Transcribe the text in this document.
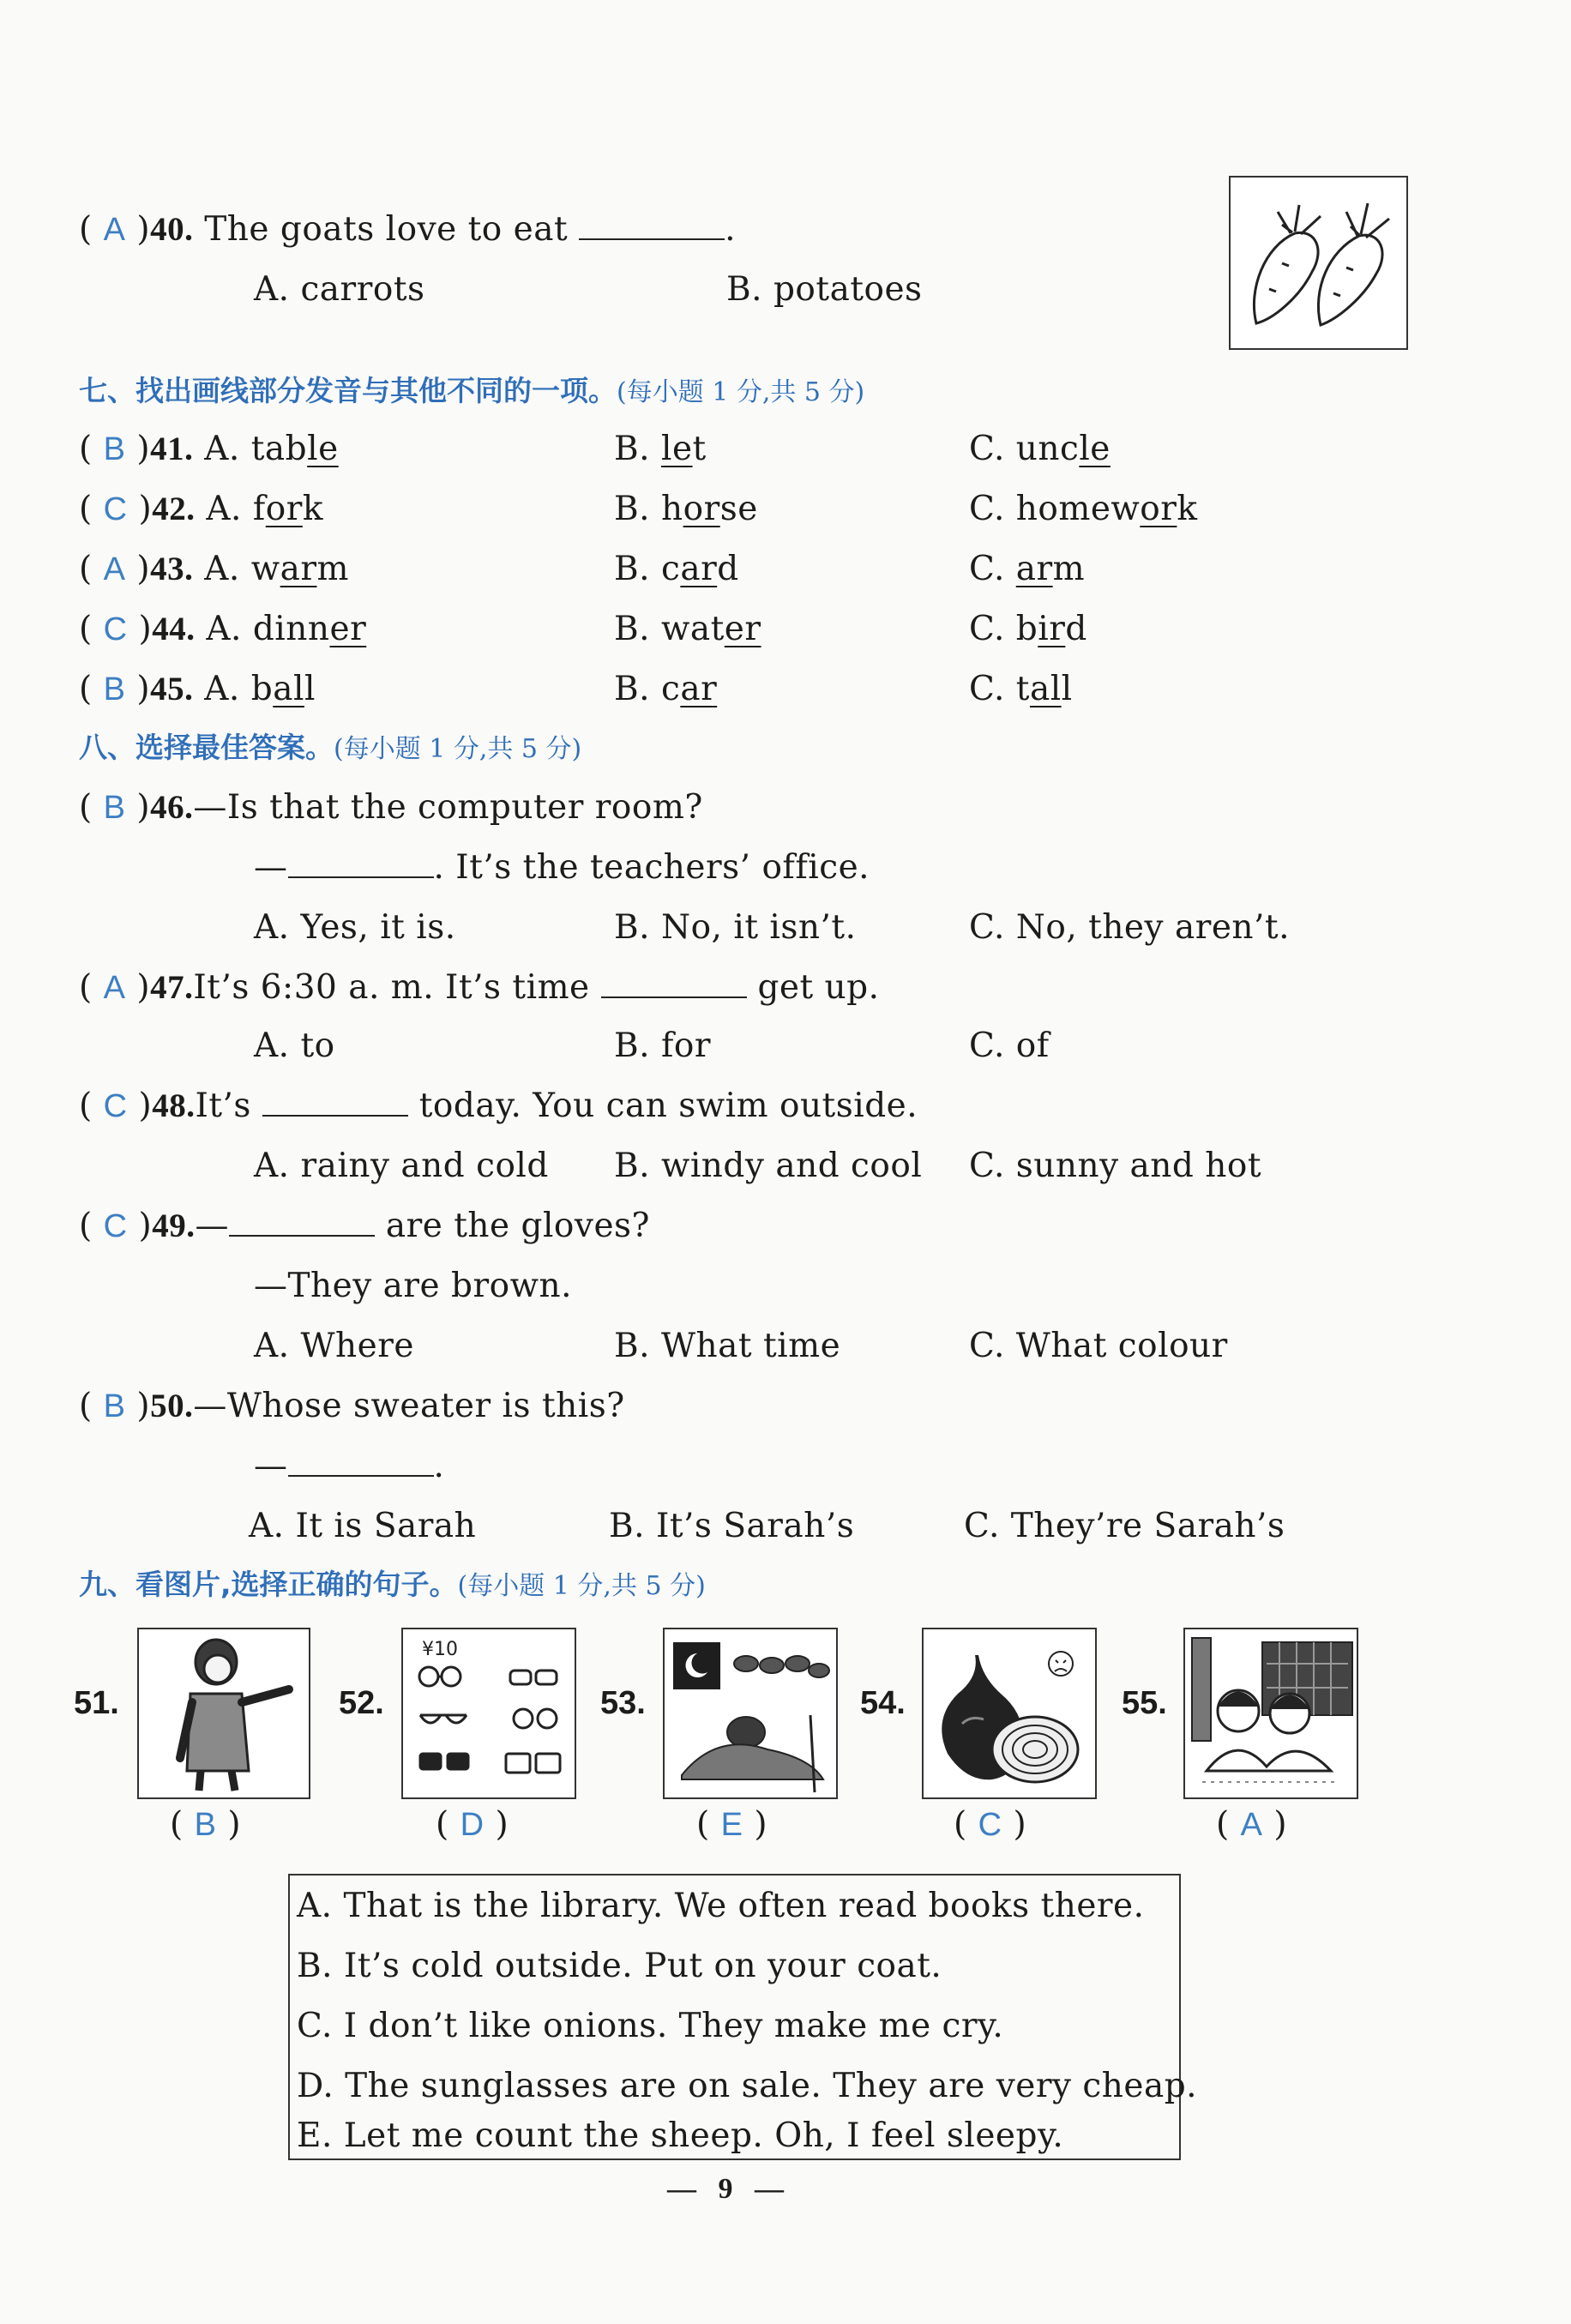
( A )40. The goats love to eat	.
A. carrots	B. potatoes
七、找出画线部分发音与其他不同的一项。(每小题 1 分,共 5 分)
( B )41. A. table	B. let	C. uncle
( C )42. A. fork	B. horse	C. homework
( A )43. A. warm	B. card	C. arm
( C )44. A. dinner	B. water	C. bird
( B )45. A. ball	B. car	C. tall
八、选择最佳答案。(每小题 1 分,共 5 分)
( B )46.—Is that the computer room?
—	. It’s the teachers’ office.
A. Yes, it is.	B. No, it isn’t.	C. No, they aren’t.
( A )47.It’s 6:30 a. m. It’s time	get up.
A. to	B. for	C. of
( C )48.It’s	today. You can swim outside.
A. rainy and cold B. windy and cool C. sunny and hot
( C )49.—	are the gloves?
—They are brown.
A. Where	B. What time	C. What colour
( B )50.—Whose sweater is this?
—	.
A. It is Sarah	B. It’s Sarah’s	C. They’re Sarah’s
九、看图片,选择正确的句子。(每小题 1 分,共 5 分)
51.
( B )
52.
¥10
( D )
53.
( E )
54.
( C )
55.
( A )
A. That is the library. We often read books there.
B. It’s cold outside. Put on your coat.
C. I don’t like onions. They make me cry.
D. The sunglasses are on sale. They are very cheap.
E. Let me count the sheep. Oh, I feel sleepy.
— 9 —
